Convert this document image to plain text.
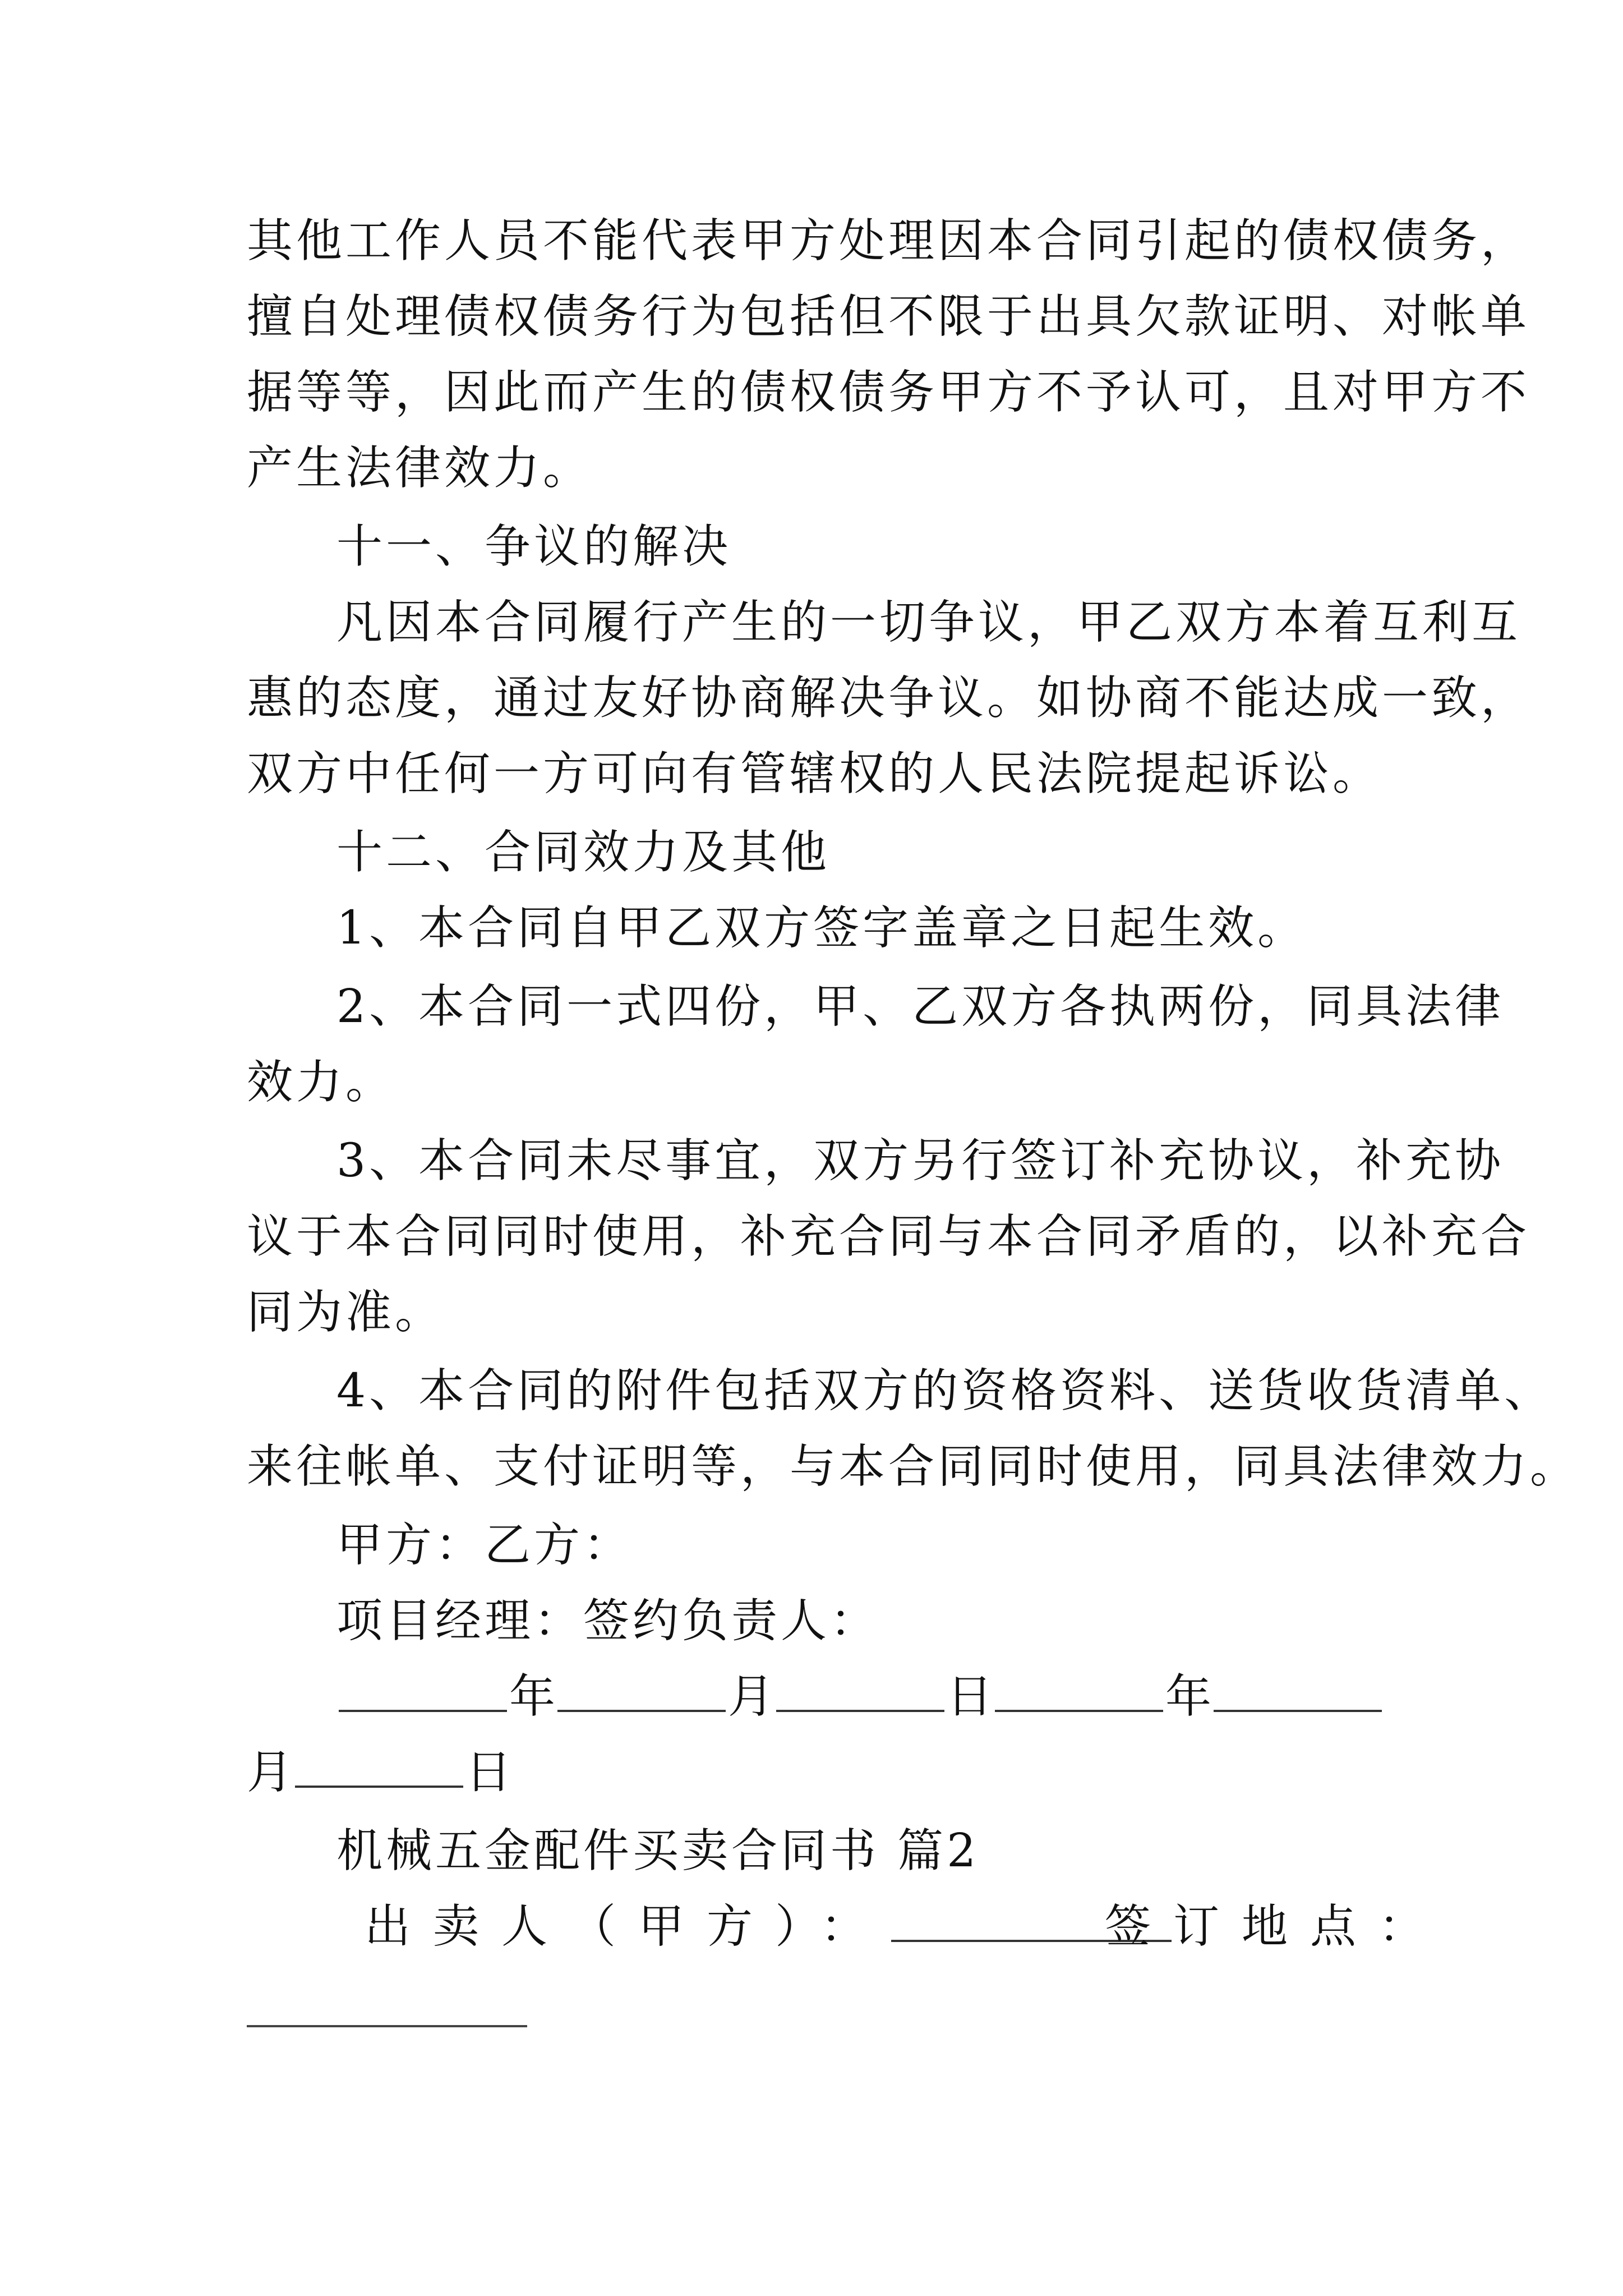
其他工作人员不能代表甲方处理因本合同引起的债权债务，
擅自处理债权债务行为包括但不限于出具欠款证明、对帐单
据等等，因此而产生的债权债务甲方不予认可，且对甲方不
产生法律效力。
十一、争议的解决
凡因本合同履行产生的一切争议，甲乙双方本着互利互
惠的态度，通过友好协商解决争议。如协商不能达成一致，
双方中任何一方可向有管辖权的人民法院提起诉讼。
十二、合同效力及其他
1、本合同自甲乙双方签字盖章之日起生效。
2、本合同一式四份，甲、乙双方各执两份，同具法律
效力。
3、本合同未尽事宜，双方另行签订补充协议，补充协
议于本合同同时使用，补充合同与本合同矛盾的，以补充合
同为准。
4、本合同的附件包括双方的资格资料、送货收货清单、
来往帐单、支付证明等，与本合同同时使用，同具法律效力。
甲方：乙方：
项目经理：签约负责人：
年	月	日	年
月	日
机械五金配件买卖合同书 篇2
出卖人（甲方）：	签订地点：
